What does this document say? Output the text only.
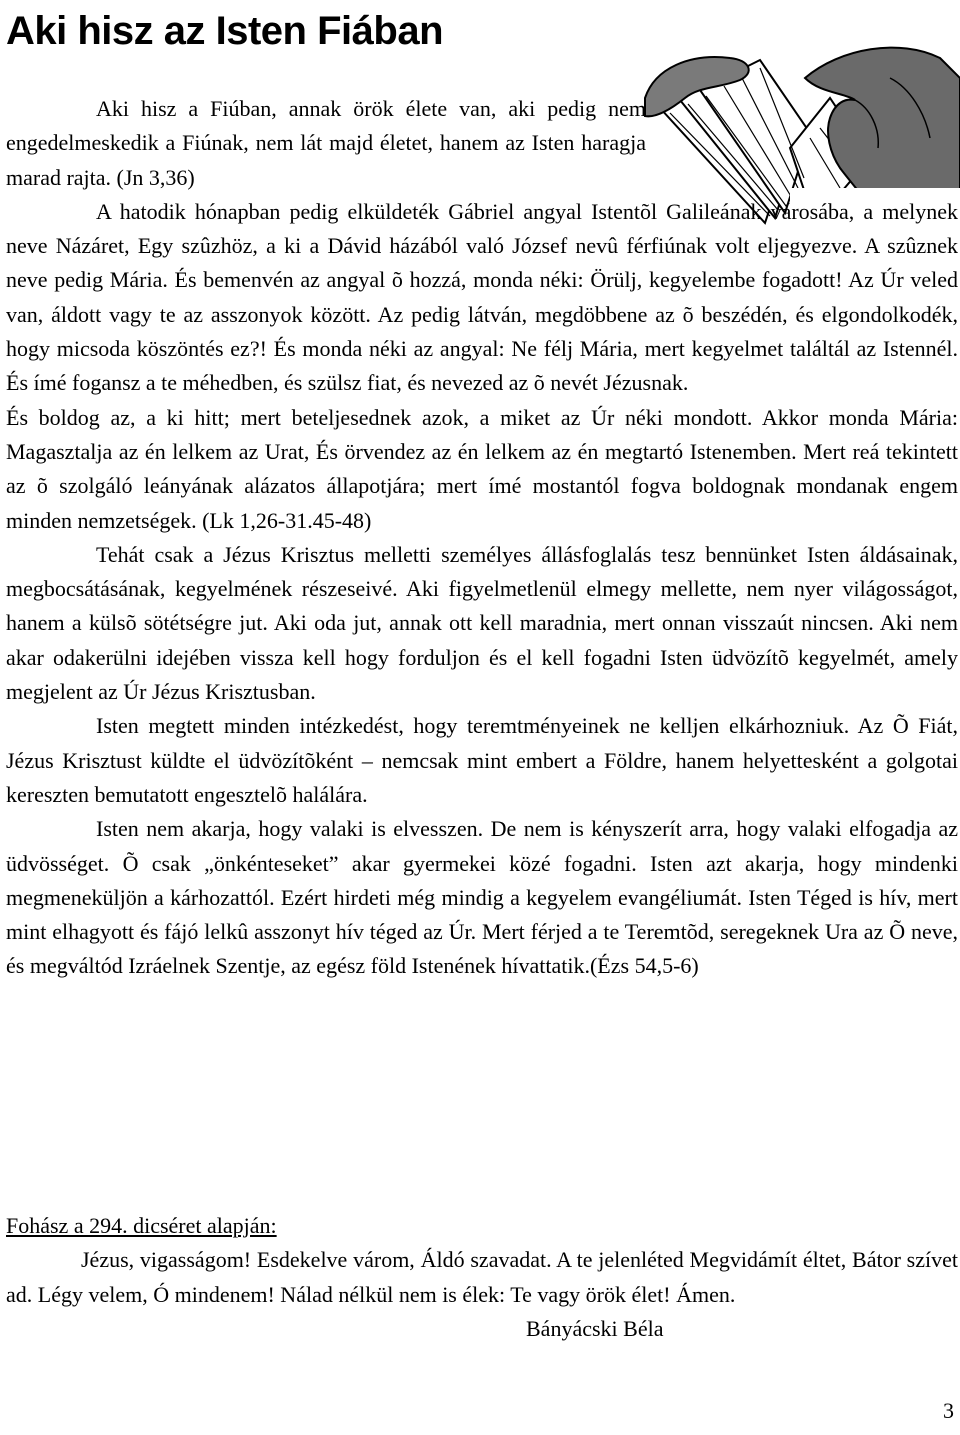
Aki hisz az Isten Fiában

Aki hisz a Fiúban, annak örök élete van, aki pedig nem engedelmeskedik a Fiúnak, nem lát majd életet, hanem az Isten haragja marad rajta. (Jn 3,36)

A hatodik hónapban pedig elküldeték Gábriel angyal Istentõl Galileának városába, a melynek neve Názáret, Egy szûzhöz, a ki a Dávid házából való József nevû férfiúnak volt eljegyezve. A szûznek neve pedig Mária. És bemenvén az angyal õ hozzá, monda néki: Örülj, kegyelembe fogadott! Az Úr veled van, áldott vagy te az asszonyok között. Az pedig látván, megdöbbene az õ beszédén, és elgondolkodék, hogy micsoda köszöntés ez?! És monda néki az angyal: Ne félj Mária, mert kegyelmet találtál az Istennél. És ímé fogansz a te méhedben, és szülsz fiat, és nevezed az õ nevét Jézusnak.

És boldog az, a ki hitt; mert beteljesednek azok, a miket az Úr néki mondott. Akkor monda Mária: Magasztalja az én lelkem az Urat, És örvendez az én lelkem az én megtartó Istenemben. Mert reá tekintett az õ szolgáló leányának alázatos állapotjára; mert ímé mostantól fogva boldognak mondanak engem minden nemzetségek. (Lk 1,26-31.45-48)

Tehát csak a Jézus Krisztus melletti személyes állásfoglalás tesz bennünket Isten áldásainak, megbocsátásának, kegyelmének részeseivé. Aki figyelmetlenül elmegy mellette, nem nyer világosságot, hanem a külsõ sötétségre jut. Aki oda jut, annak ott kell maradnia, mert onnan visszaút nincsen. Aki nem akar odakerülni idejében vissza kell hogy forduljon és el kell fogadni Isten üdvözítõ kegyelmét, amely megjelent az Úr Jézus Krisztusban.

Isten megtett minden intézkedést, hogy teremtményeinek ne kelljen elkárhozniuk. Az Õ Fiát, Jézus Krisztust küldte el üdvözítõként – nemcsak mint embert a Földre, hanem helyettesként a golgotai kereszten bemutatott engesztelõ halálára.

Isten nem akarja, hogy valaki is elvesszen. De nem is kényszerít arra, hogy valaki elfogadja az üdvösséget. Õ csak „önkénteseket” akar gyermekei közé fogadni. Isten azt akarja, hogy mindenki megmeneküljön a kárhozattól. Ezért hirdeti még mindig a kegyelem evangéliumát. Isten Téged is hív, mert mint elhagyott és fájó lelkû asszonyt hív téged az Úr. Mert férjed a te Teremtõd, seregeknek Ura az Õ neve, és megváltód Izráelnek Szentje, az egész föld Istenének hívattatik.(Ézs 54,5-6)

Fohász a 294. dicséret alapján:

Jézus, vigasságom! Esdekelve várom, Áldó szavadat. A te jelenléted Megvidámít éltet, Bátor szívet ad. Légy velem, Ó mindenem! Nálad nélkül nem is élek: Te vagy örök élet! Ámen.

Bányácski Béla

3
